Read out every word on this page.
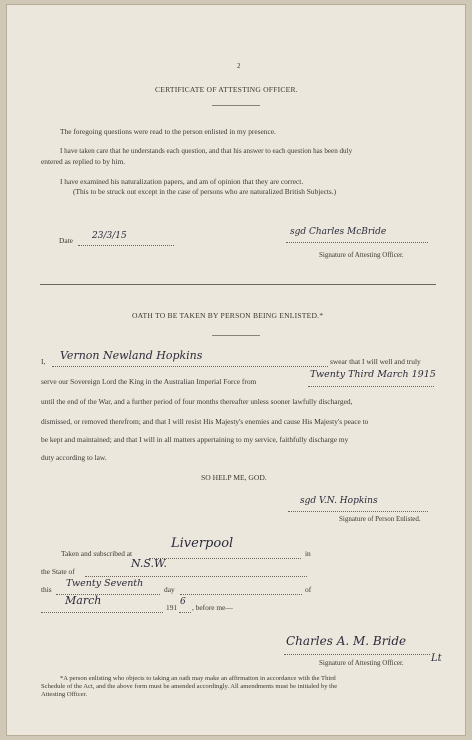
2
CERTIFICATE OF ATTESTING OFFICER.
The foregoing questions were read to the person enlisted in my presence.
I have taken care that he understands each question, and that his answer to each question has been duly
entered as replied to by him.
I have examined his naturalization papers, and am of opinion that they are correct.
(This to be struck out except in the case of persons who are naturalized British Subjects.)
Date 23/3/15	sgd Charles McBride
Signature of Attesting Officer.
OATH TO BE TAKEN BY PERSON BEING ENLISTED.*
I, Vernon Newland Hopkins	swear that I will well and truly
serve our Sovereign Lord the King in the Australian Imperial Force from
Twenty Third March 1915
until the end of the War, and a further period of four months thereafter unless sooner lawfully discharged,
dismissed, or removed therefrom; and that I will resist His Majesty's enemies and cause His Majesty's peace to
be kept and maintained; and that I will in all matters appertaining to my service, faithfully discharge my
duty according to law.
SO HELP ME, GOD.
sgd V.N. Hopkins
Signature of Person Enlisted.
Taken and subscribed at
Liverpool
in
the State of
N.S.W.
this
Twenty Seventh
day	of
March
191
6
, before me—
Charles A. M. Bride
Signature of Attesting Officer.	Lt
*A person enlisting who objects to taking an oath may make an affirmation in accordance with the Third
Schedule of the Act, and the above form must be amended accordingly. All amendments must be initialed by the
Attesting Officer.
